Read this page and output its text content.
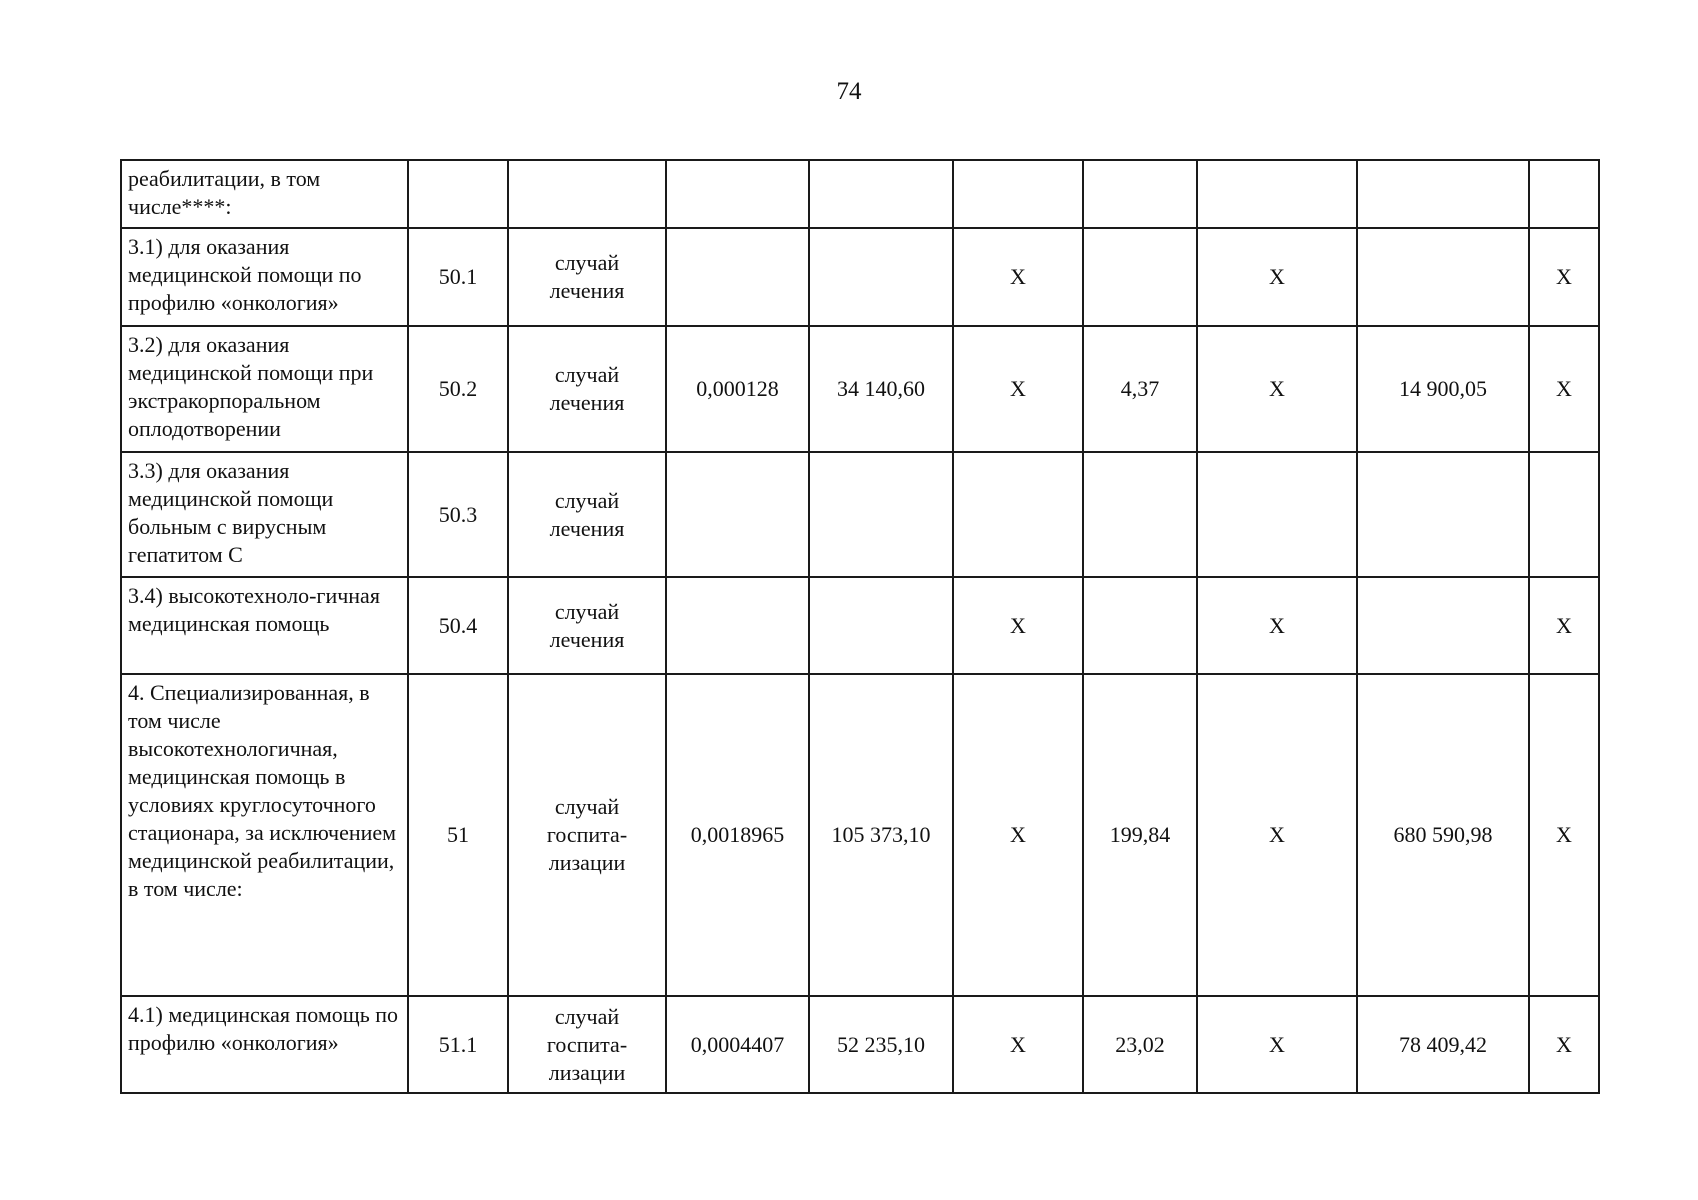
74
реабилитации, в том числе****:									
3.1) для оказания медицинской помощи по профилю «онкология»	50.1	случай лечения			Х		Х		Х
3.2) для оказания медицинской помощи при экстракорпоральном оплодотворении	50.2	случай лечения	0,000128	34 140,60	Х	4,37	Х	14 900,05	Х
3.3) для оказания медицинской помощи больным с вирусным гепатитом С	50.3	случай лечения							
3.4) высокотехноло-гичная медицинская помощь	50.4	случай лечения			Х		Х		Х
4. Специализированная, в том числе высокотехнологичная, медицинская помощь в условиях круглосуточного стационара, за исключением медицинской реабилитации, в том числе:	51	случай госпита-лизации	0,0018965	105 373,10	Х	199,84	Х	680 590,98	Х
4.1) медицинская помощь по профилю «онкология»	51.1	случай госпита-лизации	0,0004407	52 235,10	Х	23,02	Х	78 409,42	Х
